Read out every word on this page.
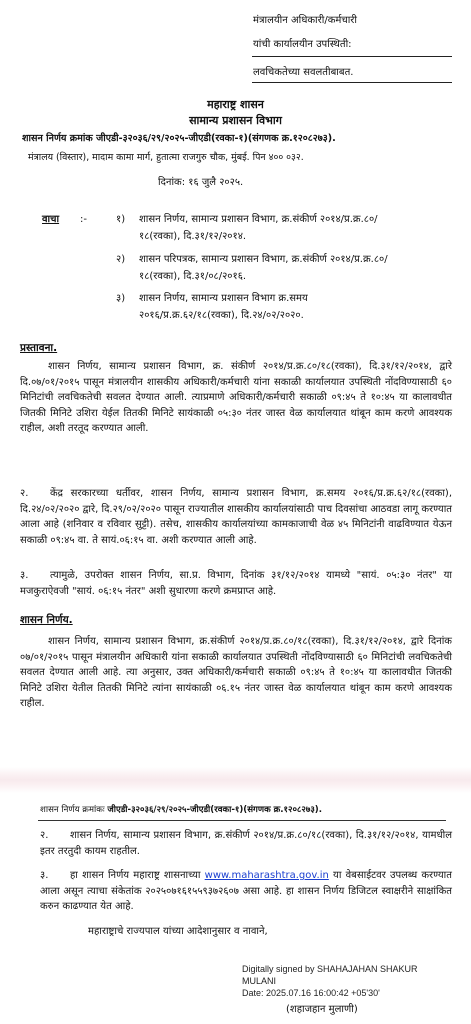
मंत्रालयीन अधिकारी/कर्मचारी
यांची कार्यालयीन उपस्थिती:
लवचिकतेच्या सवलतीबाबत.
महाराष्ट्र शासन
सामान्य प्रशासन विभाग
शासन निर्णय क्रमांक जीएडी-३२०३६/२९/२०२५-जीएडी(रवका-१)(संगणक क्र.१२०८२७३).
मंत्रालय (विस्तार), मादाम कामा मार्ग, हुतात्मा राजगुरु चौक, मुंबई. पिन ४०० ०३२.
दिनांक: १६ जुलै २०२५.
वाचा :-	१) शासन निर्णय, सामान्य प्रशासन विभाग, क्र.संकीर्ण २०१४/प्र.क्र.८०/
१८(रवका), दि.३१/१२/२०१४.
२) शासन परिपत्रक, सामान्य प्रशासन विभाग, क्र.संकीर्ण २०१४/प्र.क्र.८०/
१८(रवका), दि.३१/०८/२०१६.
३) शासन निर्णय, सामान्य प्रशासन विभाग क्र.समय
२०१६/प्र.क्र.६२/१८(रवका), दि.२४/०२/२०२०.
प्रस्तावना.
शासन निर्णय, सामान्य प्रशासन विभाग, क्र. संकीर्ण २०१४/प्र.क्र.८०/१८(रवका), दि.३१/१२/२०१४, द्वारे दि.०७/०१/२०१५ पासून मंत्रालयीन शासकीय अधिकारी/कर्मचारी यांना सकाळी कार्यालयात उपस्थिती नोंदविण्यासाठी ६० मिनिटांची लवचिकतेची सवलत देण्यात आली. त्याप्रमाणे अधिकारी/कर्मचारी सकाळी ०९:४५ ते १०:४५ या कालावधीत जितकी मिनिटे उशिरा येईल तितकी मिनिटे सायंकाळी ०५:३० नंतर जास्त वेळ कार्यालयात थांबून काम करणे आवश्यक राहील, अशी तरतूद करण्यात आली.
२.	केंद्र सरकारच्या धर्तीवर, शासन निर्णय, सामान्य प्रशासन विभाग, क्र.समय २०१६/प्र.क्र.६२/१८(रवका), दि.२४/०२/२०२० द्वारे, दि.२९/०२/२०२० पासून राज्यातील शासकीय कार्यालयांसाठी पाच दिवसांचा आठवडा लागू करण्यात आला आहे (शनिवार व रविवार सुट्टी). तसेच, शासकीय कार्यालयांच्या कामकाजाची वेळ ४५ मिनिटांनी वाढविण्यात येऊन सकाळी ०९:४५ वा. ते सायं.०६:१५ वा. अशी करण्यात आली आहे.
३.	त्यामुळे, उपरोक्त शासन निर्णय, सा.प्र. विभाग, दिनांक ३१/१२/२०१४ यामध्ये "सायं. ०५:३० नंतर" या मजकुराऐवजी "सायं. ०६:१५ नंतर" अशी सुधारणा करणे क्रमप्राप्त आहे.
शासन निर्णय.
शासन निर्णय, सामान्य प्रशासन विभाग, क्र.संकीर्ण २०१४/प्र.क्र.८०/१८(रवका), दि.३१/१२/२०१४, द्वारे दिनांक ०७/०१/२०१५ पासून मंत्रालयीन अधिकारी यांना सकाळी कार्यालयात उपस्थिती नोंदविण्यासाठी ६० मिनिटांची लवचिकतेची सवलत देण्यात आली आहे. त्या अनुसार, उक्त अधिकारी/कर्मचारी सकाळी ०९:४५ ते १०:४५ या कालावधीत जितकी मिनिटे उशिरा येतील तितकी मिनिटे त्यांना सायंकाळी ०६.१५ नंतर जास्त वेळ कार्यालयात थांबून काम करणे आवश्यक राहील.
शासन निर्णय क्रमांकः जीएडी-३२०३६/२९/२०२५-जीएडी(रवका-१)(संगणक क्र.१२०८२७३).
२.	शासन निर्णय, सामान्य प्रशासन विभाग, क्र.संकीर्ण २०१४/प्र.क्र.८०/१८(रवका), दि.३१/१२/२०१४, यामधील इतर तरतुदी कायम राहतील.
३.	हा शासन निर्णय महाराष्ट्र शासनाच्या www.maharashtra.gov.in या वेबसाईटवर उपलब्ध करण्यात आला असून त्याचा संकेतांक २०२५०७१६१५५९३७२६०७ असा आहे. हा शासन निर्णय डिजिटल स्वाक्षरीने साक्षांकित करुन काढण्यात येत आहे.
महाराष्ट्राचे राज्यपाल यांच्या आदेशानुसार व नावाने,
Digitally signed by SHAHAJAHAN SHAKUR
MULANI
Date: 2025.07.16 16:00:42 +05'30'
(शहाजहान मुलाणी)
